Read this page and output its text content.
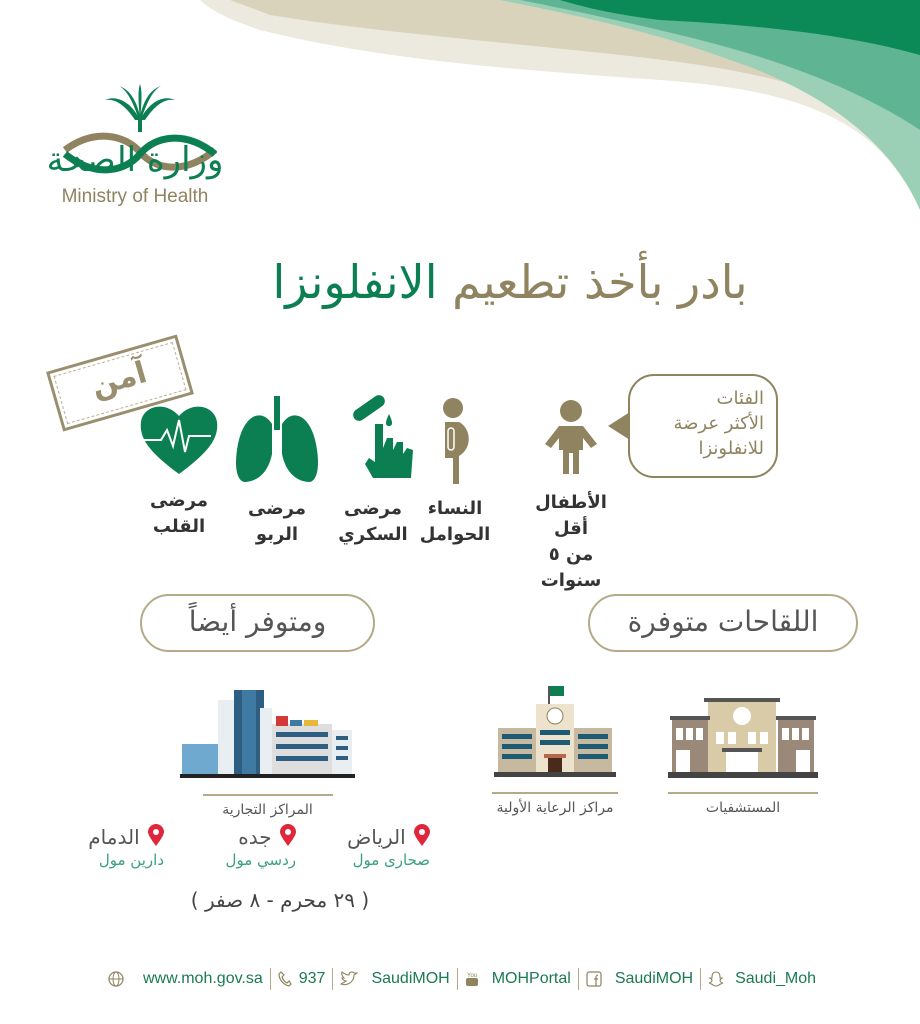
وزارة الصحة
Ministry of Health
بادر بأخذ تطعيم الانفلونزا
آمن	الفئات
الأكثر عرضة
للانفلونزا
الأطفال أقل
من ٥ سنوات
النساء
الحوامل
مرضى
السكري
مرضى
الربو
مرضى
القلب
اللقاحات متوفرة
ومتوفر أيضاً
المستشفيات
مراكز الرعاية الأولية
المراكز التجارية
الرياض
صحارى مول
جده
ردسي مول
الدمام
دارين مول
( ٢٩ محرم - ٨ صفر )
www.moh.gov.sa 937	SaudiMOH	You MOHPortal	SaudiMOH	Saudi_Moh
